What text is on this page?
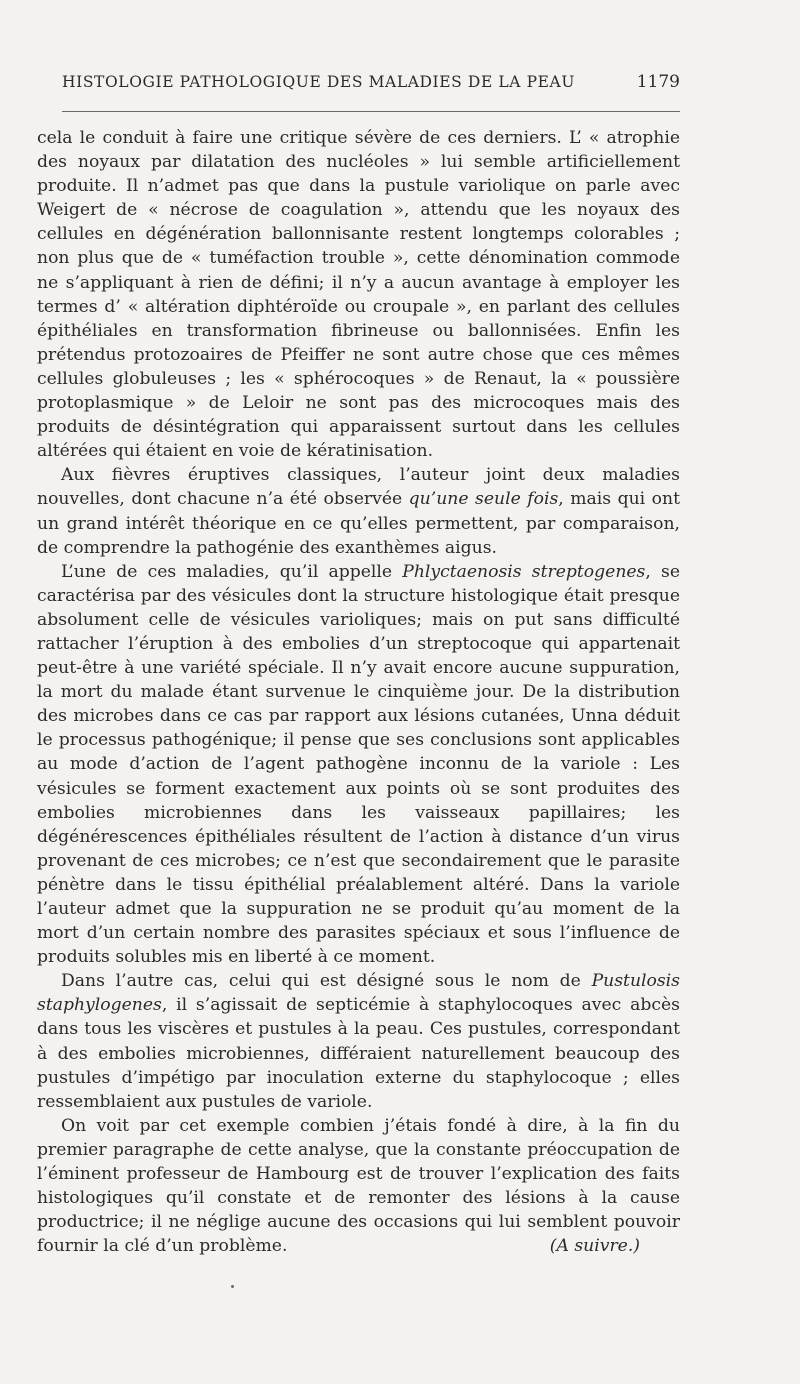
HISTOLOGIE PATHOLOGIQUE DES MALADIES DE LA PEAU	1179

cela le conduit à faire une critique sévère de ces derniers. L’ « atrophie des noyaux par dilatation des nucléoles » lui semble artificiellement produite. Il n’admet pas que dans la pustule variolique on parle avec Weigert de « nécrose de coagulation », attendu que les noyaux des cellules en dégénération ballonnisante restent longtemps colorables ; non plus que de « tuméfaction trouble », cette dénomination commode ne s’appliquant à rien de défini; il n’y a aucun avantage à employer les termes d’ « altération diphtéroïde ou croupale », en parlant des cellules épithéliales en transformation fibrineuse ou ballonnisées. Enfin les prétendus protozoaires de Pfeiffer ne sont autre chose que ces mêmes cellules globuleuses ; les « sphérocoques » de Renaut, la « poussière protoplasmique » de Leloir ne sont pas des microcoques mais des produits de désintégration qui apparaissent surtout dans les cellules altérées qui étaient en voie de kératinisation.

Aux fièvres éruptives classiques, l’auteur joint deux maladies nouvelles, dont chacune n’a été observée qu’une seule fois, mais qui ont un grand intérêt théorique en ce qu’elles permettent, par comparaison, de comprendre la pathogénie des exanthèmes aigus.

L’une de ces maladies, qu’il appelle Phlyctaenosis streptogenes, se caractérisa par des vésicules dont la structure histologique était presque absolument celle de vésicules varioliques; mais on put sans difficulté rattacher l’éruption à des embolies d’un streptocoque qui appartenait peut-être à une variété spéciale. Il n’y avait encore aucune suppuration, la mort du malade étant survenue le cinquième jour. De la distribution des microbes dans ce cas par rapport aux lésions cutanées, Unna déduit le processus pathogénique; il pense que ses conclusions sont applicables au mode d’action de l’agent pathogène inconnu de la variole : Les vésicules se forment exactement aux points où se sont produites des embolies microbiennes dans les vaisseaux papillaires; les dégénérescences épithéliales résultent de l’action à distance d’un virus provenant de ces microbes; ce n’est que secondairement que le parasite pénètre dans le tissu épithélial préalablement altéré. Dans la variole l’auteur admet que la suppuration ne se produit qu’au moment de la mort d’un certain nombre des parasites spéciaux et sous l’influence de produits solubles mis en liberté à ce moment.

Dans l’autre cas, celui qui est désigné sous le nom de Pustulosis staphylogenes, il s’agissait de septicémie à staphylocoques avec abcès dans tous les viscères et pustules à la peau. Ces pustules, correspondant à des embolies microbiennes, différaient naturellement beaucoup des pustules d’impétigo par inoculation externe du staphylocoque ; elles ressemblaient aux pustules de variole.

On voit par cet exemple combien j’étais fondé à dire, à la fin du premier paragraphe de cette analyse, que la constante préoccupation de l’éminent professeur de Hambourg est de trouver l’explication des faits histologiques qu’il constate et de remonter des lésions à la cause productrice; il ne néglige aucune des occasions qui lui semblent pouvoir fournir la clé d’un problème.	(A suivre.)
